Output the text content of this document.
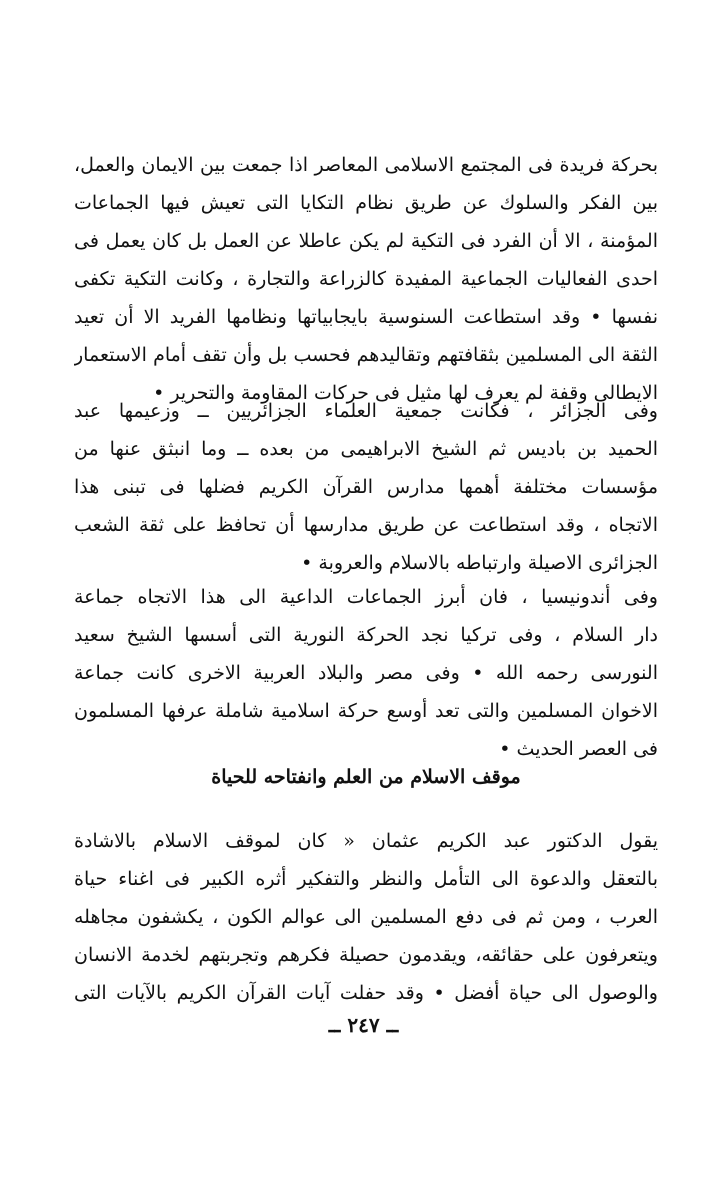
بحركة فريدة فى المجتمع الاسلامى المعاصر اذا جمعت بين الايمان والعمل،
بين الفكر والسلوك عن طريق نظام التكايا التى تعيش فيها الجماعات
المؤمنة ، الا أن الفرد فى التكية لم يكن عاطلا عن العمل بل كان يعمل فى
احدى الفعاليات الجماعية المفيدة كالزراعة والتجارة ، وكانت التكية تكفى
نفسها • وقد استطاعت السنوسية بايجابياتها ونظامها الفريد الا أن تعيد
الثقة الى المسلمين بثقافتهم وتقاليدهم فحسب بل وأن تقف أمام الاستعمار
الايطالى وقفة لم يعرف لها مثيل فى حركات المقاومة والتحرير •
وفى الجزائر ، فكانت جمعية العلماء الجزائريين ــ وزعيمها عبد
الحميد بن باديس ثم الشيخ الابراهيمى من بعده ــ وما انبثق عنها من
مؤسسات مختلفة أهمها مدارس القرآن الكريم فضلها فى تبنى هذا
الاتجاه ، وقد استطاعت عن طريق مدارسها أن تحافظ على ثقة الشعب
الجزائرى الاصيلة وارتباطه بالاسلام والعروبة •
وفى أندونيسيا ، فان أبرز الجماعات الداعية الى هذا الاتجاه جماعة
دار السلام ، وفى تركيا نجد الحركة النورية التى أسسها الشيخ سعيد
النورسى رحمه الله • وفى مصر والبلاد العربية الاخرى كانت جماعة
الاخوان المسلمين والتى تعد أوسع حركة اسلامية شاملة عرفها المسلمون
فى العصر الحديث •
موقف الاسلام من العلم وانفتاحه للحياة
يقول الدكتور عبد الكريم عثمان « كان لموقف الاسلام بالاشادة
بالتعقل والدعوة الى التأمل والنظر والتفكير أثره الكبير فى اغناء حياة
العرب ، ومن ثم فى دفع المسلمين الى عوالم الكون ، يكشفون مجاهله
ويتعرفون على حقائقه، ويقدمون حصيلة فكرهم وتجربتهم لخدمة الانسان
والوصول الى حياة أفضل • وقد حفلت آيات القرآن الكريم بالآيات التى
ــ ٢٤٧ ــ
